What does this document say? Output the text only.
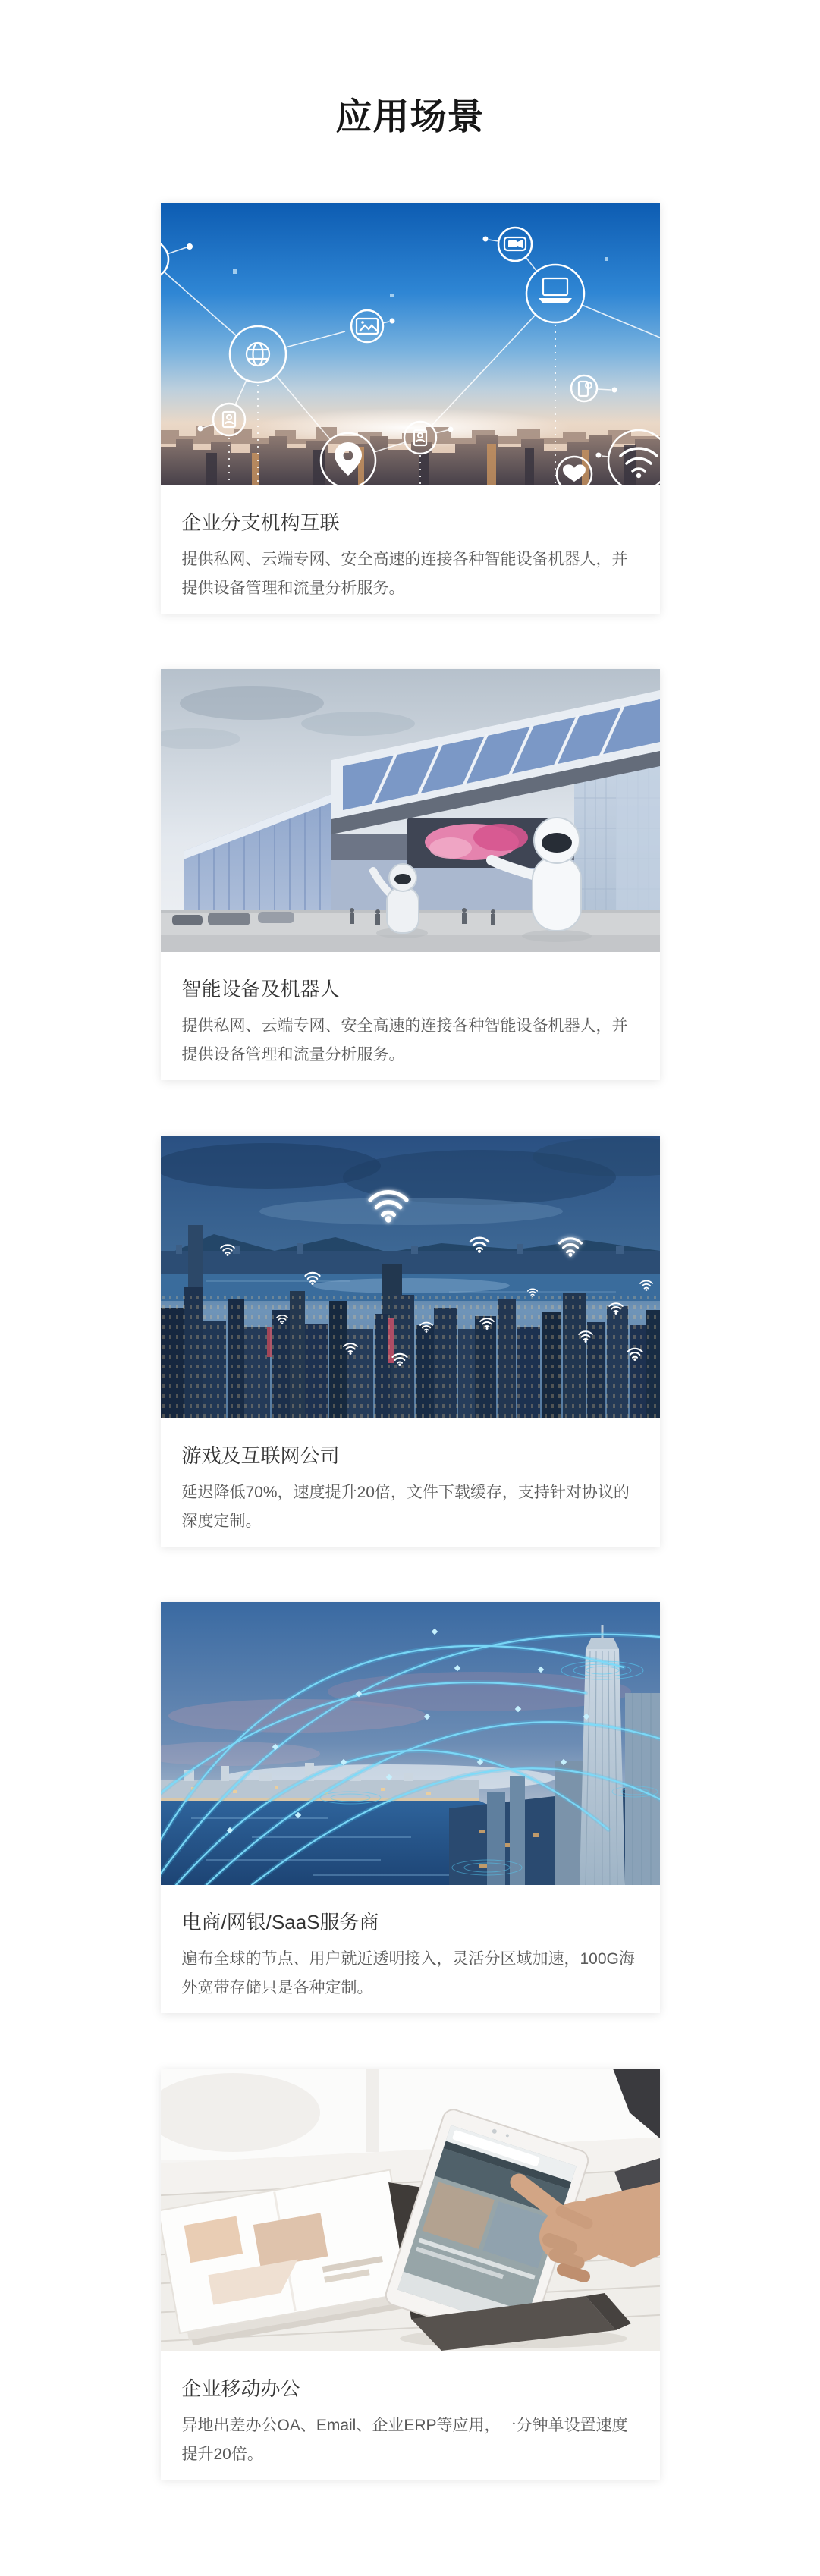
应用场景
企业分支机构互联

提供私网、云端专网、安全高速的连接各种智能设备机器人，并提供设备管理和流量分析服务。

智能设备及机器人

提供私网、云端专网、安全高速的连接各种智能设备机器人，并提供设备管理和流量分析服务。

游戏及互联网公司

延迟降低70%，速度提升20倍，文件下载缓存，支持针对协议的深度定制。

电商/网银/SaaS服务商

遍布全球的节点、用户就近透明接入，灵活分区域加速，100G海外宽带存储只是各种定制。

企业移动办公

异地出差办公OA、Email、企业ERP等应用，一分钟单设置速度提升20倍。
